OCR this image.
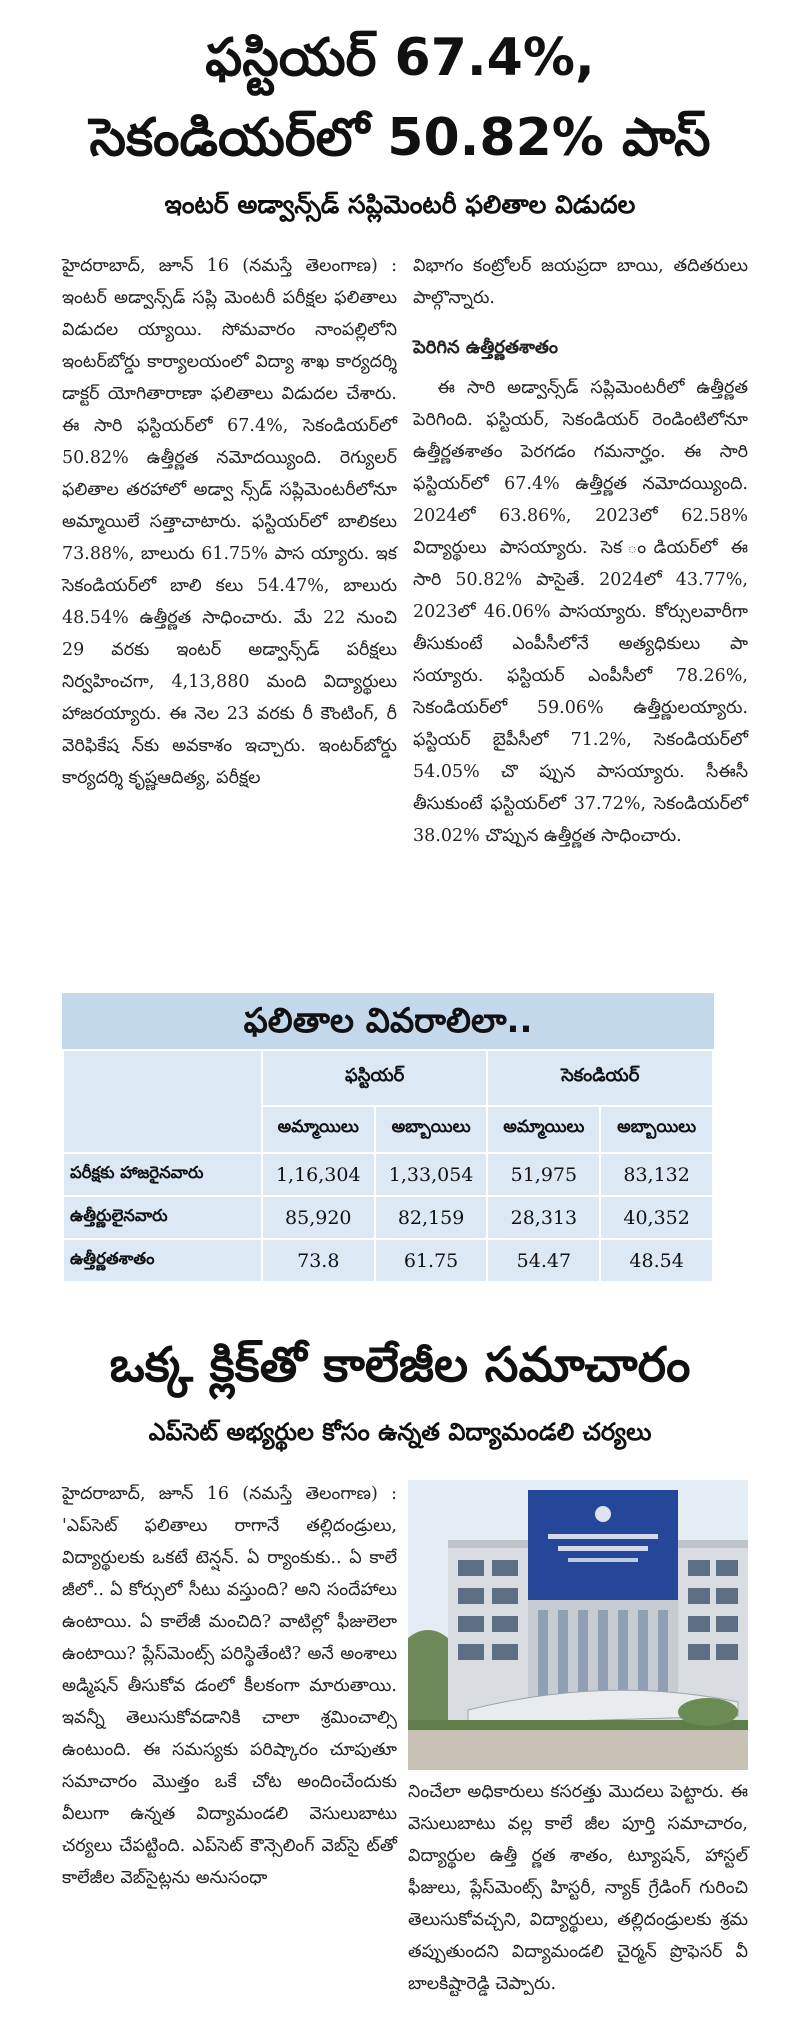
ఫస్టియర్ 67.4%,
సెకండియర్‌లో 50.82% పాస్
ఇంటర్ అడ్వాన్స్‌డ్ సప్లిమెంటరీ ఫలితాల విడుదల

హైదరాబాద్, జూన్ 16 (నమస్తే తెలంగాణ) : ఇంటర్ అడ్వాన్స్‌డ్ సప్లి మెంటరీ పరీక్షల ఫలితాలు విడుదల య్యాయి. సోమవారం నాంపల్లిలోని ఇంటర్‌బోర్డు కార్యాలయంలో విద్యా శాఖ కార్యదర్శి డాక్టర్ యోగితారాణా ఫలితాలు విడుదల చేశారు. ఈ సారి ఫస్టియర్‌లో 67.4%, సెకండియర్‌లో 50.82% ఉత్తీర్ణత నమోదయ్యింది. రెగ్యులర్ ఫలితాల తరహాలో అడ్వా న్స్‌డ్ సప్లిమెంటరీలోనూ అమ్మాయిలే సత్తాచాటారు. ఫస్టియర్‌లో బాలికలు 73.88%, బాలురు 61.75% పాస య్యారు. ఇక సెకండియర్‌లో బాలి కలు 54.47%, బాలురు 48.54% ఉత్తీర్ణత సాధించారు. మే 22 నుంచి 29 వరకు ఇంటర్ అడ్వాన్స్‌డ్ పరీక్షలు నిర్వహించగా, 4,13,880 మంది విద్యార్థులు హాజరయ్యారు. ఈ నెల 23 వరకు రీ కౌంటింగ్, రీ వెరిఫికేష న్‌కు అవకాశం ఇచ్చారు. ఇంటర్‌బోర్డు కార్యదర్శి కృష్ణఆదిత్య, పరీక్షల

విభాగం కంట్రోలర్ జయప్రదా బాయి, తదితరులు పాల్గొన్నారు.

పెరిగిన ఉత్తీర్ణతశాతం

ఈ సారి అడ్వాన్స్‌డ్ సప్లిమెంటరీలో ఉత్తీర్ణత పెరిగింది. ఫస్టియర్, సెకండియర్ రెండింటిలోనూ ఉత్తీర్ణతశాతం పెరగడం గమనార్హం. ఈ సారి ఫస్టియర్‌లో 67.4% ఉత్తీర్ణత నమోదయ్యింది. 2024లో 63.86%, 2023లో 62.58% విద్యార్థులు పాసయ్యారు. సెక ండియర్‌లో ఈ సారి 50.82% పాసైతే. 2024లో 43.77%, 2023లో 46.06% పాసయ్యారు. కోర్సులవారీగా తీసుకుంటే ఎంపీసీలోనే అత్యధికులు పా సయ్యారు. ఫస్టియర్ ఎంపీసీలో 78.26%, సెకండియర్‌లో 59.06% ఉత్తీర్ణులయ్యారు. ఫస్టియర్ బైపీసీలో 71.2%, సెకండియర్‌లో 54.05% చొ ప్పున పాసయ్యారు. సీఈసీ తీసుకుంటే ఫస్టియర్‌లో 37.72%, సెకండియర్‌లో 38.02% చొప్పున ఉత్తీర్ణత సాధించారు.

ఫలితాల వివరాలిలా..
	ఫస్టియర్		సెకండియర్	
	అమ్మాయిలు	అబ్బాయిలు	అమ్మాయిలు	అబ్బాయిలు
పరీక్షకు హాజరైనవారు	1,16,304	1,33,054	51,975	83,132
ఉత్తీర్ణులైనవారు	85,920	82,159	28,313	40,352
ఉత్తీర్ణతశాతం	73.8	61.75	54.47	48.54
ఒక్క క్లిక్‌తో కాలేజీల సమాచారం
ఎప్‌సెట్ అభ్యర్థుల కోసం ఉన్నత విద్యామండలి చర్యలు

హైదరాబాద్, జూన్ 16 (నమస్తే తెలంగాణ) : 'ఎప్‌సెట్ ఫలితాలు రాగానే తల్లిదండ్రులు, విద్యార్థులకు ఒకటే టెన్షన్. ఏ ర్యాంకుకు.. ఏ కాలే జీలో.. ఏ కోర్సులో సీటు వస్తుంది? అని సందేహాలు ఉంటాయి. ఏ కాలేజీ మంచిది? వాటిల్లో ఫీజులెలా ఉంటాయి? ప్లేస్‌మెంట్స్ పరిస్థితేంటి? అనే అంశాలు అడ్మిషన్ తీసుకోవ డంలో కీలకంగా మారుతాయి. ఇవన్నీ తెలుసుకోవడానికి చాలా శ్రమించాల్సి ఉంటుంది. ఈ సమస్యకు పరిష్కారం చూపుతూ సమాచారం మొత్తం ఒకే చోట అందించేందుకు వీలుగా ఉన్నత విద్యామండలి వెసులుబాటు చర్యలు చేపట్టింది. ఎప్‌సెట్ కౌన్సెలింగ్ వెబ్‌సై ట్‌తో కాలేజీల వెబ్‌సైట్లను అనుసంధా

నించేలా అధికారులు కసరత్తు మొదలు పెట్టారు. ఈ వెసులుబాటు వల్ల కాలే జీల పూర్తి సమాచారం, విద్యార్థుల ఉత్తీ ర్ణత శాతం, ట్యూషన్, హాస్టల్ ఫీజులు, ప్లేస్‌మెంట్స్ హిస్టరీ, న్యాక్ గ్రేడింగ్ గురించి తెలుసుకోవచ్చని, విద్యార్థులు, తల్లిదండ్రులకు శ్రమ తప్పుతుందని విద్యామండలి చైర్మన్ ప్రొఫెసర్ వీ బాలకిష్టారెడ్డి చెప్పారు.
